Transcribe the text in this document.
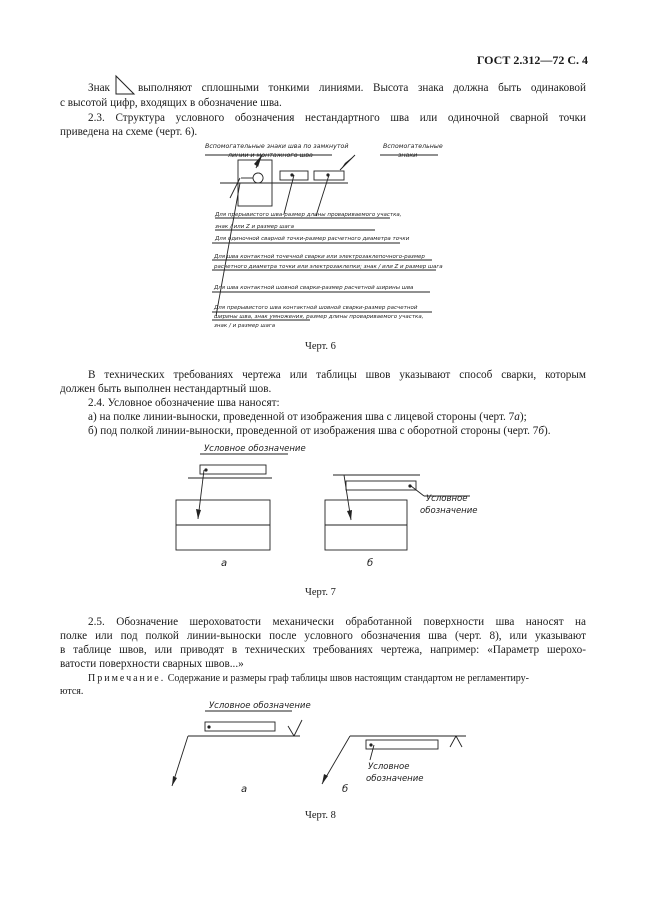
ГОСТ 2.312—72 С. 4
Знак	выполняют сплошными тонкими линиями. Высота знака должна быть одинаковой
с высотой цифр, входящих в обозначение шва.
2.3. Структура условного обозначения нестандартного шва или одиночной сварной точки
приведена на схеме (черт. 6).
Вспомогательные знаки шва по замкнутой
линии и монтажного шва
Вспомогательные
знаки
Для прерывистого шва-размер длины провариваемого участка,
знак / или Z и размер шага
Для одиночной сварной точки-размер расчетного диаметра точки
Для шва контактной точечной сварки или электрозаклепочного-размер
расчетного диаметра точки или электрозаклепки; знак / или Z и размер шага
Для шва контактной шовной сварки-размер расчетной ширины шва
Для прерывистого шва контактной шовной сварки-размер расчетной
ширины шва, знак умножения, размер длины провариваемого участка,
знак / и размер шага
Черт. 6
В технических требованиях чертежа или таблицы швов указывают способ сварки, которым
должен быть выполнен нестандартный шов.
2.4. Условное обозначение шва наносят:
а) на полке линии-выноски, проведенной от изображения шва с лицевой стороны (черт. 7а);
б) под полкой линии-выноски, проведенной от изображения шва с оборотной стороны (черт. 7б).
Условное обозначение
Условное
обозначение
а	б
Черт. 7
2.5. Обозначение шероховатости механически обработанной поверхности шва наносят на
полке или под полкой линии-выноски после условного обозначения шва (черт. 8), или указывают
в таблице швов, или приводят в технических требованиях чертежа, например: «Параметр шерохо-
ватости поверхности сварных швов...»
Примечание. Содержание и размеры граф таблицы швов настоящим стандартом не регламентиру-
ются.
Условное обозначение
Условное
обозначение
а	б
Черт. 8
